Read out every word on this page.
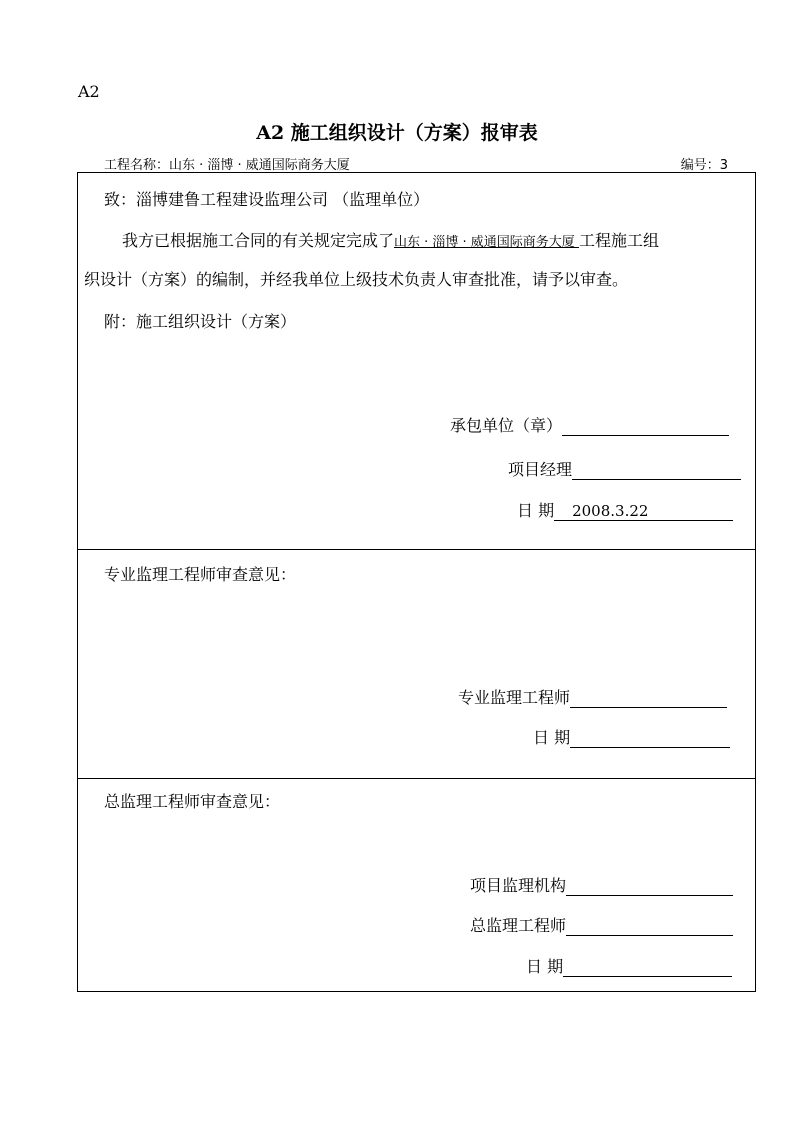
A2
A2 施工组织设计（方案）报审表
工程名称：山东 · 淄博 · 威通国际商务大厦	编号：3
致：淄博建鲁工程建设监理公司 （监理单位）
我方已根据施工合同的有关规定完成了山东 · 淄博 · 威通国际商务大厦 工程施工组
织设计（方案）的编制，并经我单位上级技术负责人审查批准，请予以审查。
附：施工组织设计（方案）
承包单位（章）
项目经理
日 期 2008.3.22
专业监理工程师审查意见：
专业监理工程师
日 期
总监理工程师审查意见：
项目监理机构
总监理工程师
日 期
